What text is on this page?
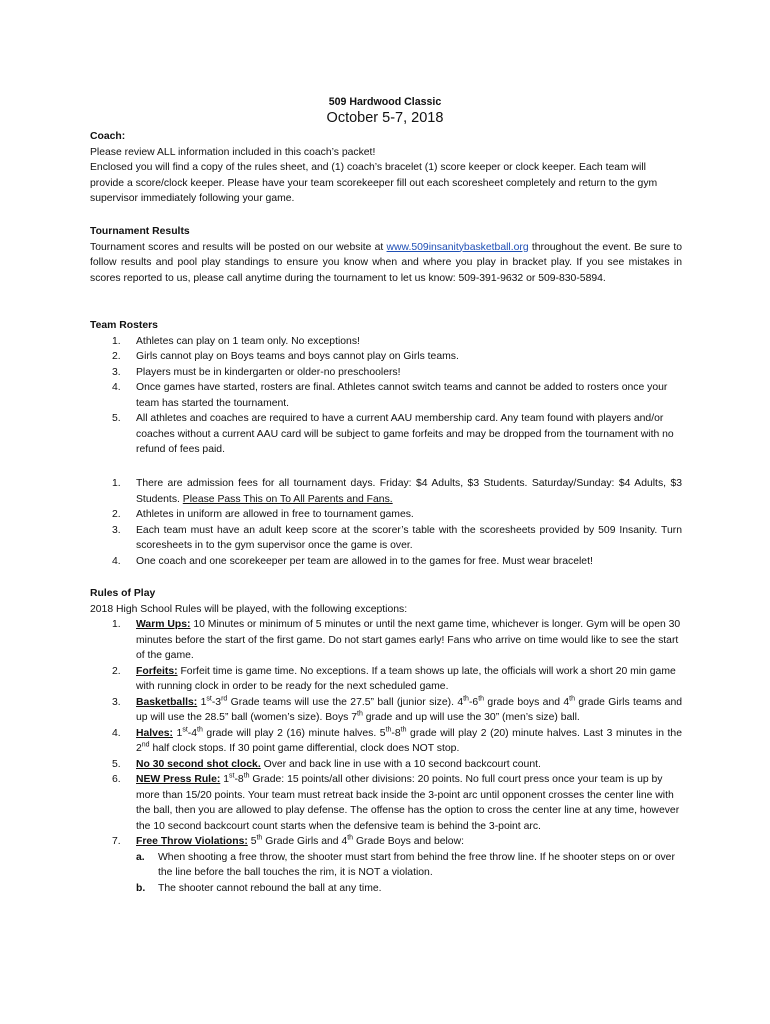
509 Hardwood Classic
October 5-7, 2018
Coach:
Please review ALL information included in this coach’s packet!
Enclosed you will find a copy of the rules sheet, and (1) coach’s bracelet (1) score keeper or clock keeper. Each team will provide a score/clock keeper. Please have your team scorekeeper fill out each scoresheet completely and return to the gym supervisor immediately following your game.
Tournament Results
Tournament scores and results will be posted on our website at www.509insanitybasketball.org throughout the event. Be sure to follow results and pool play standings to ensure you know when and where you play in bracket play. If you see mistakes in scores reported to us, please call anytime during the tournament to let us know: 509-391-9632 or 509-830-5894.
Team Rosters
1. Athletes can play on 1 team only. No exceptions!
2. Girls cannot play on Boys teams and boys cannot play on Girls teams.
3. Players must be in kindergarten or older-no preschoolers!
4. Once games have started, rosters are final. Athletes cannot switch teams and cannot be added to rosters once your team has started the tournament.
5. All athletes and coaches are required to have a current AAU membership card. Any team found with players and/or coaches without a current AAU card will be subject to game forfeits and may be dropped from the tournament with no refund of fees paid.
1. There are admission fees for all tournament days. Friday: $4 Adults, $3 Students. Saturday/Sunday: $4 Adults, $3 Students. Please Pass This on To All Parents and Fans.
2. Athletes in uniform are allowed in free to tournament games.
3. Each team must have an adult keep score at the scorer’s table with the scoresheets provided by 509 Insanity. Turn scoresheets in to the gym supervisor once the game is over.
4. One coach and one scorekeeper per team are allowed in to the games for free. Must wear bracelet!
Rules of Play
2018 High School Rules will be played, with the following exceptions:
1. Warm Ups: 10 Minutes or minimum of 5 minutes or until the next game time, whichever is longer. Gym will be open 30 minutes before the start of the first game. Do not start games early! Fans who arrive on time would like to see the start of the game.
2. Forfeits: Forfeit time is game time. No exceptions. If a team shows up late, the officials will work a short 20 min game with running clock in order to be ready for the next scheduled game.
3. Basketballs: 1st-3rd Grade teams will use the 27.5” ball (junior size). 4th-6th grade boys and 4th grade Girls teams and up will use the 28.5” ball (women’s size). Boys 7th grade and up will use the 30” (men’s size) ball.
4. Halves: 1st-4th grade will play 2 (16) minute halves. 5th-8th grade will play 2 (20) minute halves. Last 3 minutes in the 2nd half clock stops. If 30 point game differential, clock does NOT stop.
5. No 30 second shot clock. Over and back line in use with a 10 second backcourt count.
6. NEW Press Rule: 1st-8th Grade: 15 points/all other divisions: 20 points. No full court press once your team is up by more than 15/20 points. Your team must retreat back inside the 3-point arc until opponent crosses the center line with the ball, then you are allowed to play defense. The offense has the option to cross the center line at any time, however the 10 second backcourt count starts when the defensive team is behind the 3-point arc.
7. Free Throw Violations: 5th Grade Girls and 4th Grade Boys and below:
a. When shooting a free throw, the shooter must start from behind the free throw line. If he shooter steps on or over the line before the ball touches the rim, it is NOT a violation.
b. The shooter cannot rebound the ball at any time.
